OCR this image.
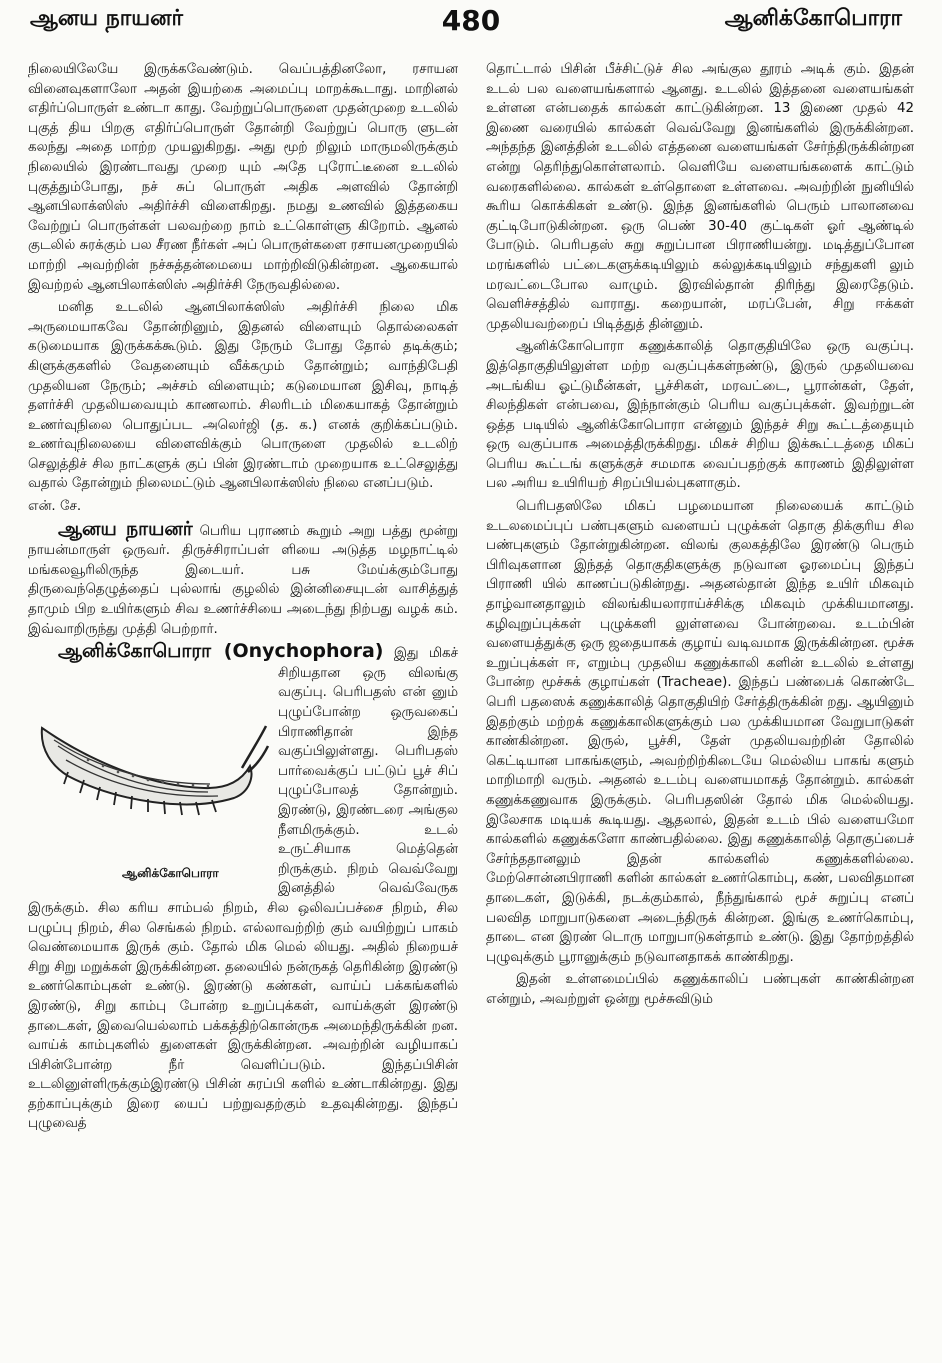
ஆனய நாயனர்	480	ஆனிக்கோபொரா

நிலையிலேயே இருக்கவேண்டும். வெப்பத்தினலோ, ரசாயன வினைவுகளாலோ அதன் இயற்கை அமைப்பு மாறக்கூடாது. மாறினல் எதிர்ப்பொருள் உண்டா காது. வேற்றுப்பொருளை முதன்முறை உடலில் புகுத் திய பிறகு எதிர்ப்பொருள் தோன்றி வேற்றுப் பொரு ளுடன் கலந்து அதை மாற்ற முயலுகிறது. அது மூற் றிலும் மாருமலிருக்கும் நிலையில் இரண்டாவது முறை யும் அதே புரோட்டீனை உடலில் புகுத்தும்போது, நச் சுப் பொருள் அதிக அளவில் தோன்றி ஆனபிலாக்ஸிஸ் அதிர்ச்சி விளைகிறது. நமது உணவில் இத்தகைய வேற்றுப் பொருள்கள் பலவற்றை நாம் உட்கொள்ளு கிறோம். ஆனல் குடலில் சுரக்கும் பல சீரண நீர்கள் அப் பொருள்களை ரசாயனமுறையில் மாற்றி அவற்றின் நச்சுத்தன்மையை மாற்றிவிடுகின்றன. ஆகையால் இவற்றல் ஆனபிலாக்ஸிஸ் அதிர்ச்சி நேருவதில்லை.

மனித உடலில் ஆனபிலாக்ஸிஸ் அதிர்ச்சி நிலை மிக அருமையாகவே தோன்றினும், இதனல் விளையும் தொல்லைகள் கடுமையாக இருக்கக்கூடும். இது நேரும் போது தோல் தடிக்கும்; கிளுக்குகளில் வேதனையும் வீக்கமும் தோன்றும்; வாந்திபேதி முதலியன நேரும்; அச்சம் விளையும்; கடுமையான இசிவு, நாடித் தளர்ச்சி முதலியவையும் காணலாம். சிலரிடம் மிகையாகத் தோன்றும் உணர்வுநிலை பொதுப்பட அலெர்ஜி (த. க.) எனக் குறிக்கப்படும். உணர்வுநிலையை விளைவிக்கும் பொருளை முதலில் உடலிற் செலுத்திச் சில நாட்களுக் குப் பின் இரண்டாம் முறையாக உட்செலுத்து வதால் தோன்றும் நிலைமட்டும் ஆனபிலாக்ஸிஸ் நிலை எனப்படும்.

என். சே.

ஆனய நாயனர் பெரிய புராணம் கூறும் அறு பத்து மூன்று நாயன்மாருள் ஒருவர். திருச்சிராப்பள் ளியை அடுத்த மழநாட்டில் மங்கலவூரிலிருந்த இடையர். பசு மேய்க்கும்போது திருவைந்தெழுத்தைப் புல்லாங் குழலில் இன்னிசையுடன் வாசித்துத் தாமும் பிற உயிர்களும் சிவ உணர்ச்சியை அடைந்து நிற்பது வழக் கம். இவ்வாறிருந்து முத்தி பெற்றார்.

ஆனிக்கோபொரா (Onychophora)
ஆனிக்கோபொரா
இது மிகச் சிறியதான ஒரு விலங்கு வகுப்பு. பெரிபதஸ் என் னும் புழுப்போன்ற ஒருவகைப் பிராணிதான் இந்த வகுப்பிலுள்ளது. பெரிபதஸ் பார்வைக்குப் பட்டுப் பூச் சிப் புழுப்போலத் தோன்றும். இரண்டு, இரண்டரை அங்குல நீளமிருக்கும். உடல் உருட்சியாக மெத்தென் றிருக்கும். நிறம் வெவ்வேறு இனத்தில் வெவ்வேருக இருக்கும். சில கரிய சாம்பல் நிறம், சில ஒலிவப்பச்சை நிறம், சில பழுப்பு நிறம், சில செங்கல் நிறம். எல்லாவற்றிற் கும் வயிற்றுப் பாகம் வெண்மையாக இருக் கும். தோல் மிக மெல் லியது. அதில் நிறையச் சிறு சிறு மறுக்கள் இருக்கின்றன. தலையில் நன்ருகத் தெரிகின்ற இரண்டு உணர்கொம்புகள் உண்டு. இரண்டு கண்கள், வாய்ப் பக்கங்களில் இரண்டு, சிறு காம்பு போன்ற உறுப்புக்கள், வாய்க்குள் இரண்டு தாடைகள், இவையெல்லாம் பக்கத்திற்கொன்ருக அமைந்திருக்கின் றன. வாய்க் காம்புகளில் துளைகள் இருக்கின்றன. அவற்றின் வழியாகப் பிசின்போன்ற நீர் வெளிப்படும். இந்தப்பிசின் உடலினுள்ளிருக்கும்இரண்டு பிசின் சுரப்பி களில் உண்டாகின்றது. இது தற்காப்புக்கும் இரை யைப் பற்றுவதற்கும் உதவுகின்றது. இந்தப் புழுவைத்

தொட்டால் பிசின் பீச்சிட்டுச் சில அங்குல தூரம் அடிக் கும். இதன் உடல் பல வளையங்களால் ஆனது. உடலில் இத்தனை வளையங்கள் உள்ளன என்பதைக் கால்கள் காட்டுகின்றன. 13 இணை முதல் 42 இணை வரையில் கால்கள் வெவ்வேறு இனங்களில் இருக்கின்றன. அந்தந்த இனத்தின் உடலில் எத்தனை வளையங்கள் சேர்ந்திருக்கின்றன என்று தெரிந்துகொள்ளலாம். வெளியே வளையங்களைக் காட்டும் வரைகளில்லை. கால்கள் உள்தொளை உள்ளவை. அவற்றின் நுனியில் கூரிய கொக்கிகள் உண்டு. இந்த இனங்களில் பெரும் பாலானவை குட்டிபோடுகின்றன. ஒரு பெண் 30-40 குட்டிகள் ஓர் ஆண்டில் போடும். பெரிபதஸ் சுறு சுறுப்பான பிராணியன்று. மடித்துப்போன மரங்களில் பட்டைகளுக்கடியிலும் கல்லுக்கடியிலும் சந்துகளி லும் மரவட்டைபோல வாழும். இரவில்தான் திரிந்து இரைதேடும். வெளிச்சத்தில் வாராது. கறையான், மரப்பேன், சிறு ஈக்கள் முதலியவற்றைப் பிடித்துத் தின்னும்.

ஆனிக்கோபொரா கணுக்காலித் தொகுதியிலே ஒரு வகுப்பு. இத்தொகுதியிலுள்ள மற்ற வகுப்புக்கள்நண்டு, இருல் முதலியவை அடங்கிய ஓட்டுமீன்கள், பூச்சிகள், மரவட்டை, பூரான்கள், தேள், சிலந்திகள் என்பவை, இந்நான்கும் பெரிய வகுப்புக்கள். இவற்றுடன் ஒத்த படியில் ஆனிக்கோபொரா என்னும் இந்தச் சிறு கூட்டத்தையும் ஒரு வகுப்பாக அமைத்திருக்கிறது. மிகச் சிறிய இக்கூட்டத்தை மிகப் பெரிய கூட்டங் களுக்குச் சமமாக வைப்பதற்குக் காரணம் இதிலுள்ள பல அரிய உயிரியற் சிறப்பியல்புகளாகும்.

பெரிபதஸிலே மிகப் பழமையான நிலையைக் காட்டும் உடலமைப்புப் பண்புகளும் வளையப் புழுக்கள் தொகு திக்குரிய சில பண்புகளும் தோன்றுகின்றன. விலங் குலகத்திலே இரண்டு பெரும் பிரிவுகளான இந்தத் தொகுதிகளுக்கு நடுவான ஓரமைப்பு இந்தப் பிராணி யில் காணப்படுகின்றது. அதனல்தான் இந்த உயிர் மிகவும் தாழ்வானதாலும் விலங்கியலாராய்ச்சிக்கு மிகவும் முக்கியமானது. கழிவுறுப்புக்கள் புழுக்களி லுள்ளவை போன்றவை. உடம்பின் வளையத்துக்கு ஒரு ஜதையாகக் குழாய் வடிவமாக இருக்கின்றன. மூச்சு உறுப்புக்கள் ஈ, எறும்பு முதலிய கணுக்காலி களின் உடலில் உள்ளது போன்ற மூச்சுக் குழாய்கள் (Tracheae). இந்தப் பண்பைக் கொண்டே பெரி பதஸைக் கணுக்காலித் தொகுதியிற் சேர்த்திருக்கின் றது. ஆயினும் இதற்கும் மற்றக் கணுக்காலிகளுக்கும் பல முக்கியமான வேறுபாடுகள் காண்கின்றன. இருல், பூச்சி, தேள் முதலியவற்றின் தோலில் கெட்டியான பாகங்களும், அவற்றிற்கிடையே மெல்லிய பாகங் களும் மாறிமாறி வரும். அதனல் உடம்பு வளையமாகத் தோன்றும். கால்கள் கணுக்கணுவாக இருக்கும். பெரிபதஸின் தோல் மிக மெல்லியது. இலேசாக மடியக் கூடியது. ஆதலால், இதன் உடம் பில் வளையமோ கால்களில் கணுக்களோ காண்பதில்லை. இது கணுக்காலித் தொகுப்பைச் சேர்ந்ததானலும் இதன் கால்களில் கணுக்களில்லை. மேற்சொன்னபிராணி களின் கால்கள் உணர்கொம்பு, கண், பலவிதமான தாடைகள், இடுக்கி, நடக்கும்கால், நீந்துங்கால் மூச் சுறுப்பு எனப் பலவித மாறுபாடுகளை அடைந்திருக் கின்றன. இங்கு உணர்கொம்பு, தாடை என இரண் டொரு மாறுபாடுகள்தாம் உண்டு. இது தோற்றத்தில் புழுவுக்கும் பூரானுக்கும் நடுவானதாகக் காண்கிறது.

இதன் உள்ளமைப்பில் கணுக்காலிப் பண்புகள் காண்கின்றன என்றும், அவற்றுள் ஒன்று மூச்சுவிடும்
